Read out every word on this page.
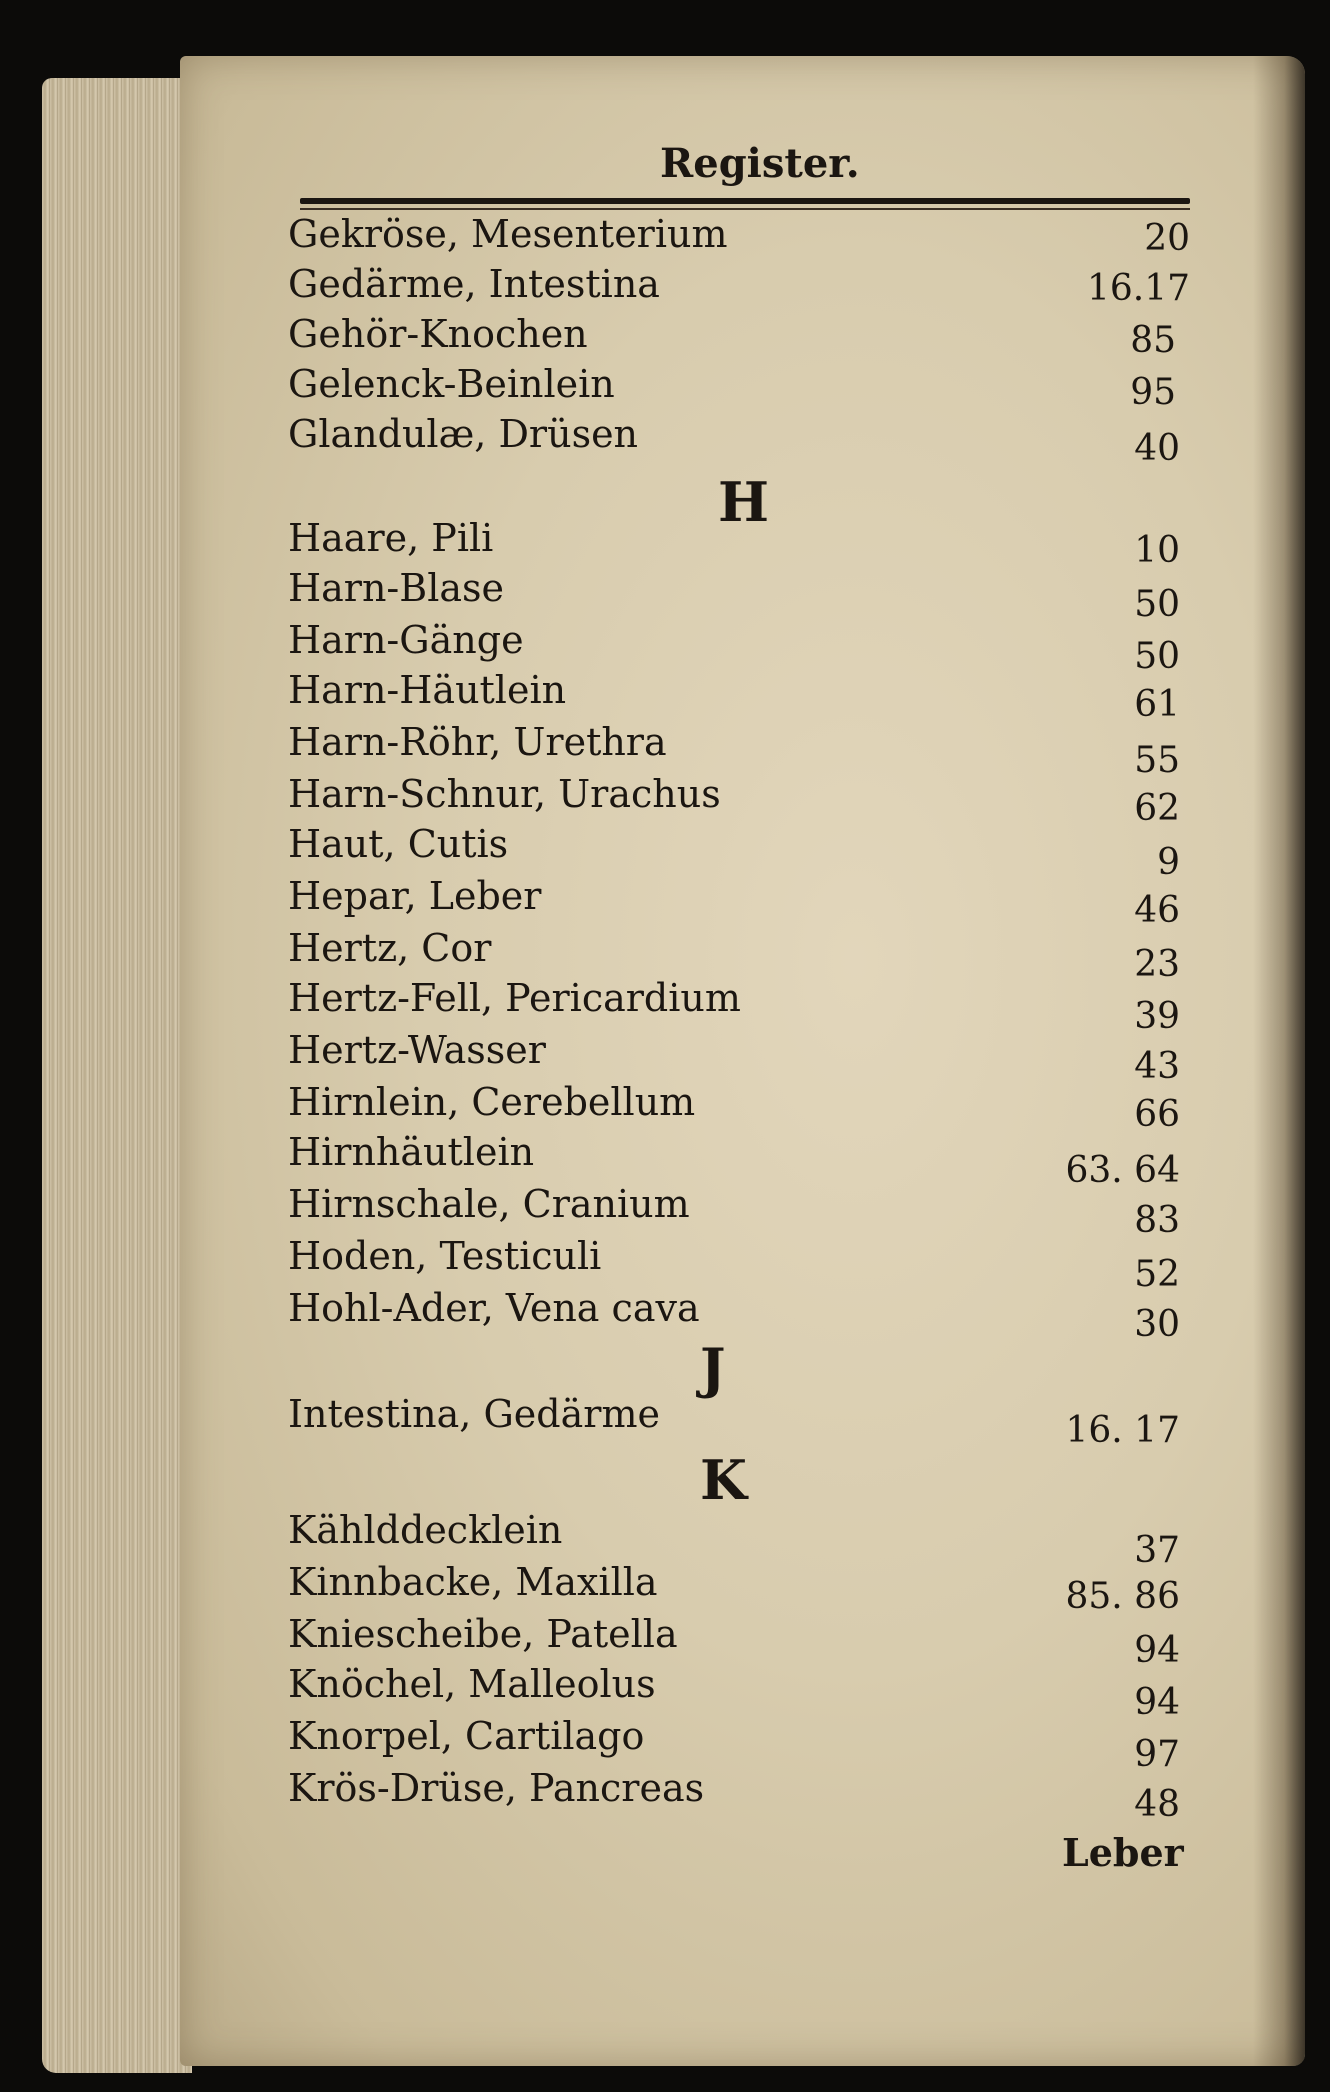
Register.
Gekröse, Mesenterium	20
Gedärme, Intestina	16.17
Gehör-Knochen	85
Gelenck-Beinlein	95
Glandulæ, Drüsen	40
H
Haare, Pili	10
Harn-Blase	50
Harn-Gänge	50
Harn-Häutlein	61
Harn-Röhr, Urethra	55
Harn-Schnur, Urachus	62
Haut, Cutis	9
Hepar, Leber	46
Hertz, Cor	23
Hertz-Fell, Pericardium	39
Hertz-Wasser	43
Hirnlein, Cerebellum	66
Hirnhäutlein	63. 64
Hirnschale, Cranium	83
Hoden, Testiculi	52
Hohl-Ader, Vena cava	30
J
Intestina, Gedärme	16. 17
K
Kählddecklein	37
Kinnbacke, Maxilla	85. 86
Kniescheibe, Patella	94
Knöchel, Malleolus	94
Knorpel, Cartilago	97
Krös-Drüse, Pancreas	48
Leber
